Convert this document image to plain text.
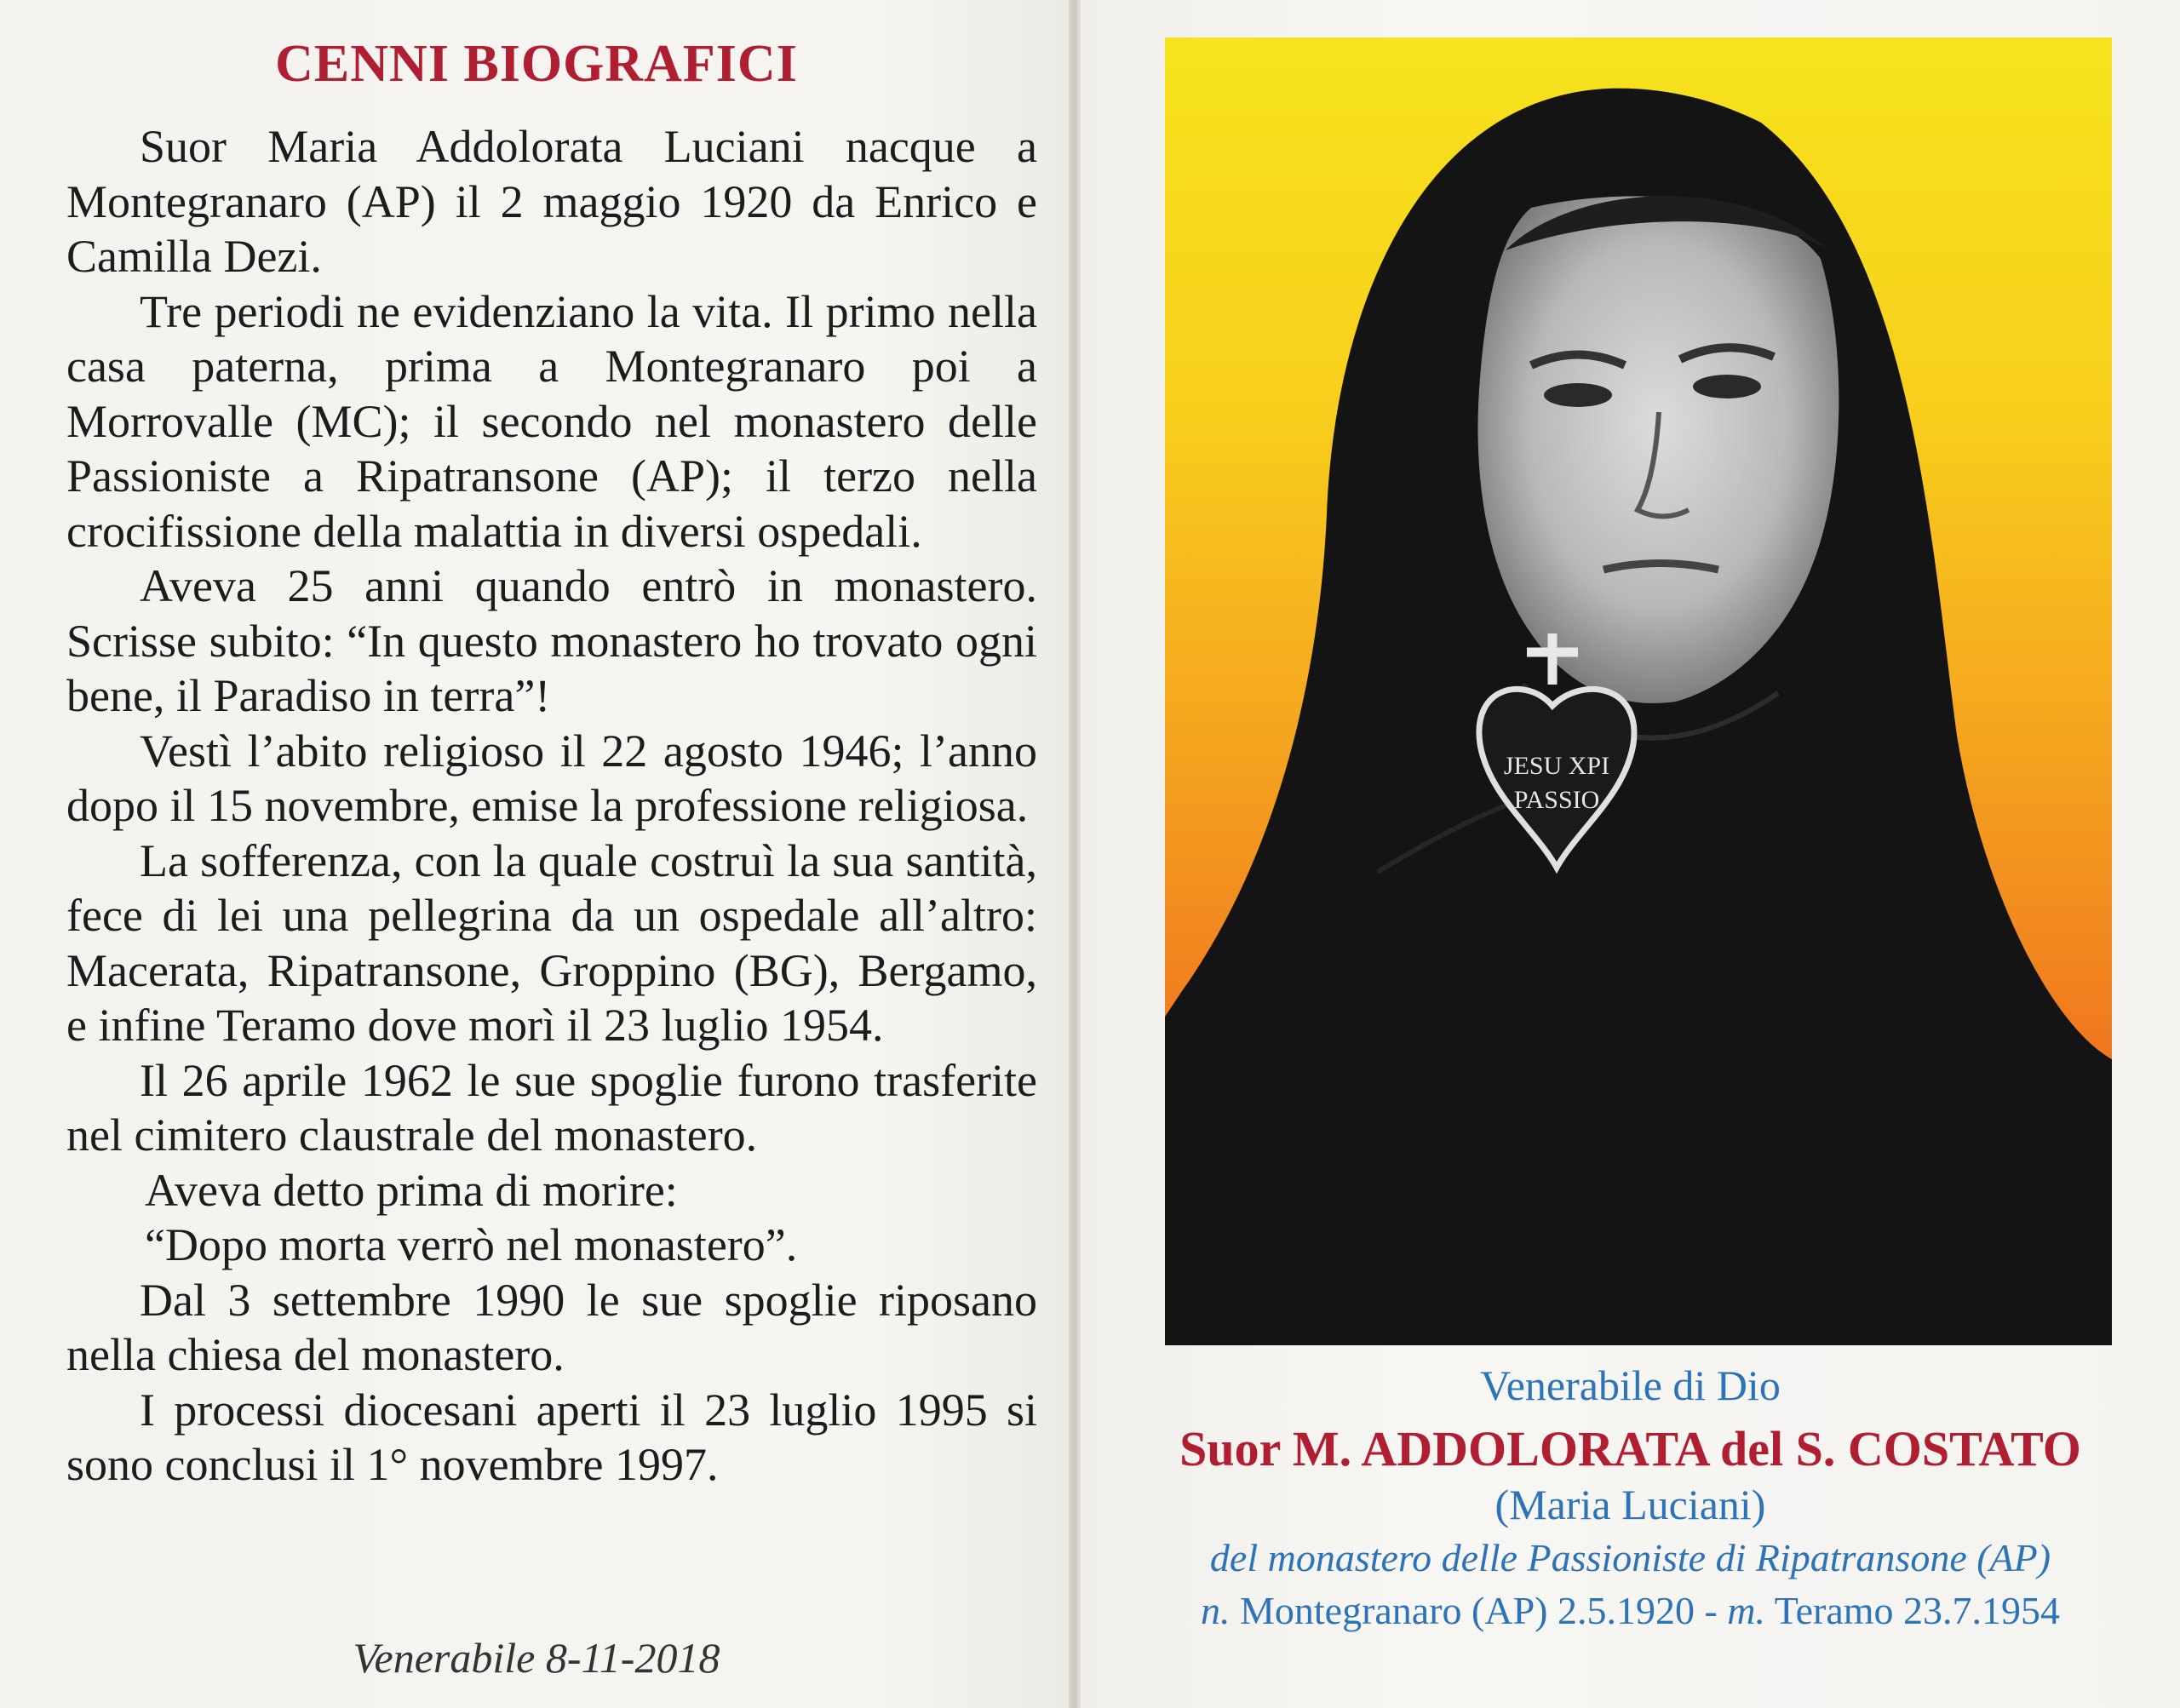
CENNI BIOGRAFICI

Suor Maria Addolorata Luciani nacque a Montegranaro (AP) il 2 maggio 1920 da Enrico e Camilla Dezi.

Tre periodi ne evidenziano la vita. Il primo nella casa paterna, prima a Montegranaro poi a Morrovalle (MC); il secondo nel monastero delle Passioniste a Ripatransone (AP); il terzo nella crocifissione della malattia in diversi ospedali.

Aveva 25 anni quando entrò in monastero. Scrisse subito: “In questo monastero ho trovato ogni bene, il Paradiso in terra”!

Vestì l’abito religioso il 22 agosto 1946; l’anno dopo il 15 novembre, emise la professione religiosa.

La sofferenza, con la quale costruì la sua santità, fece di lei una pellegrina da un ospedale all’altro: Macerata, Ripatransone, Groppino (BG), Bergamo, e infine Teramo dove morì il 23 luglio 1954.

Il 26 aprile 1962 le sue spoglie furono trasferite nel cimitero claustrale del monastero.

Aveva detto prima di morire:

“Dopo morta verrò nel monastero”.

Dal 3 settembre 1990 le sue spoglie riposano nella chiesa del monastero.

I processi diocesani aperti il 23 luglio 1995 si sono conclusi il 1° novembre 1997.

Venerabile 8-11-2018
JESU XPI
PASSIO
Venerabile di Dio
Suor M. ADDOLORATA del S. COSTATO
(Maria Luciani)
del monastero delle Passioniste di Ripatransone (AP)
n. Montegranaro (AP) 2.5.1920 - m. Teramo 23.7.1954
